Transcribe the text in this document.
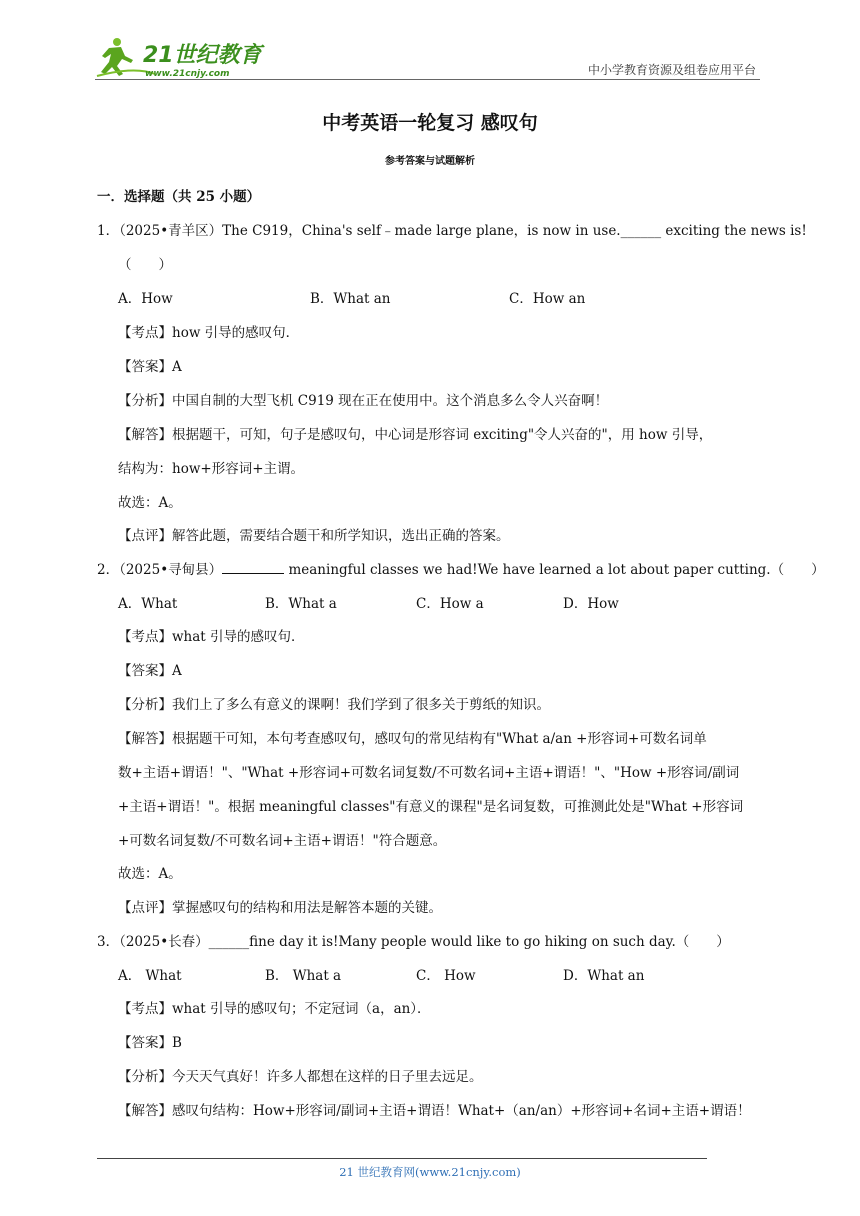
21世纪教育
www.21cnjy.com	中小学教育资源及组卷应用平台
中考英语一轮复习 感叹句
参考答案与试题解析
一．选择题（共 25 小题）
1．（2025•青羊区）The C919，China's self﹣made large plane，is now in use.______ exciting the news is!
（　　）
A．How	B．What an	C．How an
【考点】how 引导的感叹句．
【答案】A
【分析】中国自制的大型飞机 C919 现在正在使用中。这个消息多么令人兴奋啊！
【解答】根据题干，可知，句子是感叹句，中心词是形容词 exciting"令人兴奋的"，用 how 引导，
结构为：how+形容词+主谓。
故选：A。
【点评】解答此题，需要结合题干和所学知识，选出正确的答案。
2．（2025•寻甸县）	meaningful classes we had!We have learned a lot about paper cutting.（　　）
A．What	B．What a	C．How a	D．How
【考点】what 引导的感叹句．
【答案】A
【分析】我们上了多么有意义的课啊！我们学到了很多关于剪纸的知识。
【解答】根据题干可知，本句考查感叹句，感叹句的常见结构有"What a/an +形容词+可数名词单
数+主语+谓语！"、"What +形容词+可数名词复数/不可数名词+主语+谓语！"、"How +形容词/副词
+主语+谓语！"。根据 meaningful classes"有意义的课程"是名词复数，可推测此处是"What +形容词
+可数名词复数/不可数名词+主语+谓语！"符合题意。
故选：A。
【点评】掌握感叹句的结构和用法是解答本题的关键。
3．（2025•长春）______fine day it is!Many people would like to go hiking on such day.（　　）
A． What	B． What a	C． How	D．What an
【考点】what 引导的感叹句；不定冠词（a，an）．
【答案】B
【分析】今天天气真好！许多人都想在这样的日子里去远足。
【解答】感叹句结构：How+形容词/副词+主语+谓语！What+（an/an）+形容词+名词+主语+谓语！
21 世纪教育网(www.21cnjy.com)
